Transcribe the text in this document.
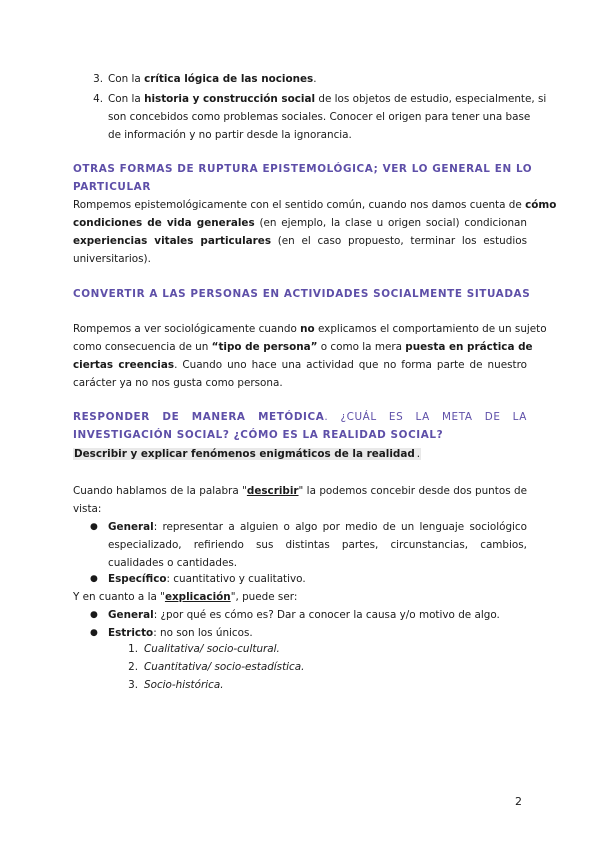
3. Con la crítica lógica de las nociones.
4. Con la historia y construcción social de los objetos de estudio, especialmente, si
son concebidos como problemas sociales. Conocer el origen para tener una base
de información y no partir desde la ignorancia.
OTRAS FORMAS DE RUPTURA EPISTEMOLÓGICA; VER LO GENERAL EN LO
PARTICULAR
Rompemos epistemológicamente con el sentido común, cuando nos damos cuenta de cómo
condiciones de vida generales (en ejemplo, la clase u origen social) condicionan
experiencias vitales particulares (en el caso propuesto, terminar los estudios
universitarios).
CONVERTIR A LAS PERSONAS EN ACTIVIDADES SOCIALMENTE SITUADAS
Rompemos a ver sociológicamente cuando no explicamos el comportamiento de un sujeto
como consecuencia de un “tipo de persona” o como la mera puesta en práctica de
ciertas creencias. Cuando uno hace una actividad que no forma parte de nuestro
carácter ya no nos gusta como persona.
RESPONDER DE MANERA METÓDICA. ¿CUÁL ES LA META DE LA
INVESTIGACIÓN SOCIAL? ¿CÓMO ES LA REALIDAD SOCIAL?
Describir y explicar fenómenos enigmáticos de la realidad .
Cuando hablamos de la palabra "describir" la podemos concebir desde dos puntos de
vista:
● General: representar a alguien o algo por medio de un lenguaje sociológico
especializado, refiriendo sus distintas partes, circunstancias, cambios,
cualidades o cantidades.
● Específico: cuantitativo y cualitativo.
Y en cuanto a la "explicación", puede ser:
● General: ¿por qué es cómo es? Dar a conocer la causa y/o motivo de algo.
● Estricto: no son los únicos.
1. Cualitativa/ socio-cultural.
2. Cuantitativa/ socio-estadística.
3. Socio-histórica.
2
